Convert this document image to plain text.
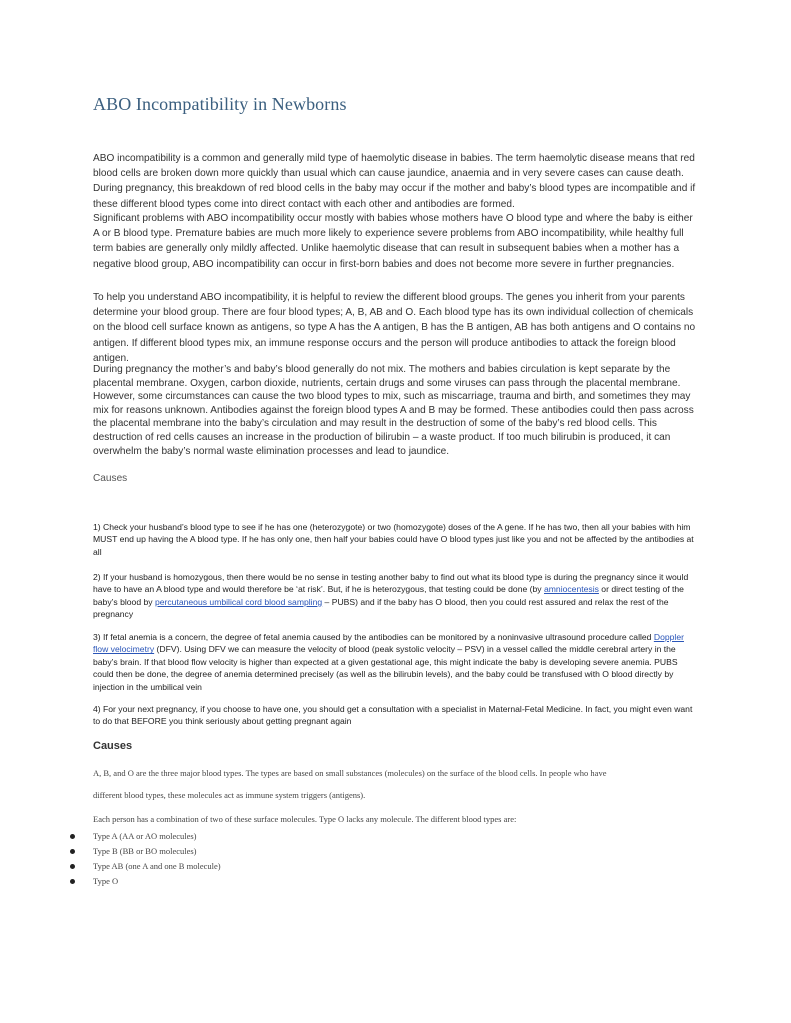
ABO Incompatibility in Newborns

ABO incompatibility is a common and generally mild type of haemolytic disease in babies. The term haemolytic disease means that red blood cells are broken down more quickly than usual which can cause jaundice, anaemia and in very severe cases can cause death. During pregnancy, this breakdown of red blood cells in the baby may occur if the mother and baby’s blood types are incompatible and if these different blood types come into direct contact with each other and antibodies are formed.

Significant problems with ABO incompatibility occur mostly with babies whose mothers have O blood type and where the baby is either A or B blood type. Premature babies are much more likely to experience severe problems from ABO incompatibility, while healthy full term babies are generally only mildly affected. Unlike haemolytic disease that can result in subsequent babies when a mother has a negative blood group, ABO incompatibility can occur in first-born babies and does not become more severe in further pregnancies.

To help you understand ABO incompatibility, it is helpful to review the different blood groups. The genes you inherit from your parents determine your blood group. There are four blood types; A, B, AB and O. Each blood type has its own individual collection of chemicals on the blood cell surface known as antigens, so type A has the A antigen, B has the B antigen, AB has both antigens and O contains no antigen. If different blood types mix, an immune response occurs and the person will produce antibodies to attack the foreign blood antigen.

During pregnancy the mother’s and baby’s blood generally do not mix. The mothers and babies circulation is kept separate by the placental membrane. Oxygen, carbon dioxide, nutrients, certain drugs and some viruses can pass through the placental membrane. However, some circumstances can cause the two blood types to mix, such as miscarriage, trauma and birth, and sometimes they may mix for reasons unknown. Antibodies against the foreign blood types A and B may be formed. These antibodies could then pass across the placental membrane into the baby’s circulation and may result in the destruction of some of the baby’s red blood cells. This destruction of red cells causes an increase in the production of bilirubin – a waste product. If too much bilirubin is produced, it can overwhelm the baby’s normal waste elimination processes and lead to jaundice.

Causes

1) Check your husband’s blood type to see if he has one (heterozygote) or two (homozygote) doses of the A gene. If he has two, then all your babies with him MUST end up having the A blood type. If he has only one, then half your babies could have O blood types just like you and not be affected by the antibodies at all

2) If your husband is homozygous, then there would be no sense in testing another baby to find out what its blood type is during the pregnancy since it would have to have an A blood type and would therefore be ‘at risk’. But, if he is heterozygous, that testing could be done (by amniocentesis or direct testing of the baby’s blood by percutaneous umbilical cord blood sampling – PUBS) and if the baby has O blood, then you could rest assured and relax the rest of the pregnancy

3) If fetal anemia is a concern, the degree of fetal anemia caused by the antibodies can be monitored by a noninvasive ultrasound procedure called Doppler flow velocimetry (DFV). Using DFV we can measure the velocity of blood (peak systolic velocity – PSV) in a vessel called the middle cerebral artery in the baby’s brain. If that blood flow velocity is higher than expected at a given gestational age, this might indicate the baby is developing severe anemia. PUBS could then be done, the degree of anemia determined precisely (as well as the bilirubin levels), and the baby could be transfused with O blood directly by injection in the umbilical vein

4) For your next pregnancy, if you choose to have one, you should get a consultation with a specialist in Maternal-Fetal Medicine. In fact, you might even want to do that BEFORE you think seriously about getting pregnant again

Causes
A, B, and O are the three major blood types. The types are based on small substances (molecules) on the surface of the blood cells. In people who have
different blood types, these molecules act as immune system triggers (antigens).
Each person has a combination of two of these surface molecules. Type O lacks any molecule. The different blood types are:
Type A (AA or AO molecules)
Type B (BB or BO molecules)
Type AB (one A and one B molecule)
Type O
